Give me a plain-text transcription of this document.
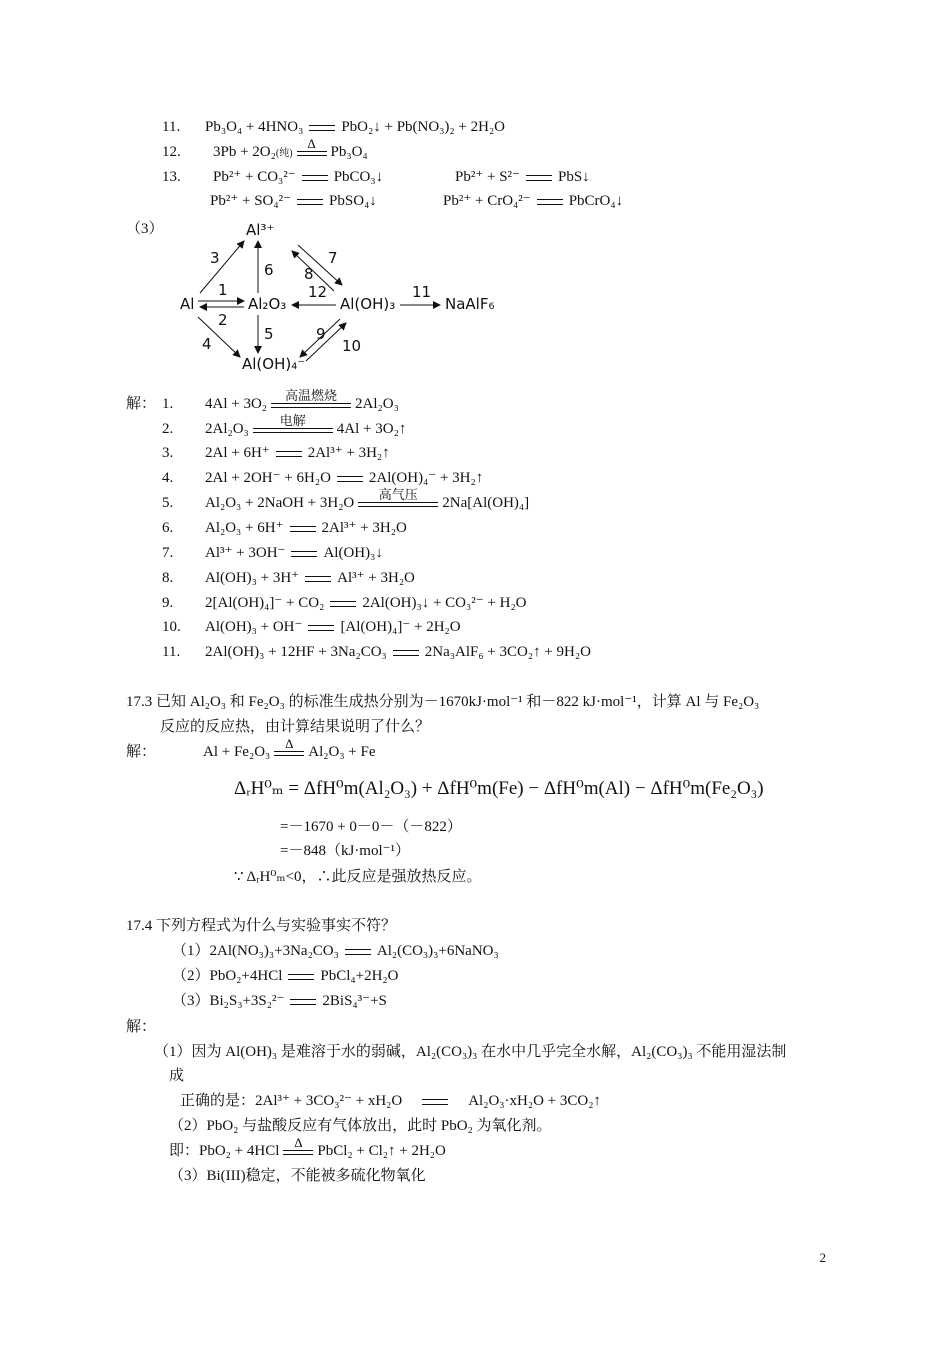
11. Pb₃O₄ + 4HNO₃	PbO₂↓ + Pb(NO₃)₂ + 2H₂O
12. 3Pb + 2O₂(纯)
Δ
Pb₃O₄
13. Pb²⁺ + CO₃²⁻	PbCO₃↓	Pb²⁺ + S²⁻	PbS↓
Pb²⁺ + SO₄²⁻	PbSO₄↓	Pb²⁺ + CrO₄²⁻	PbCrO₄↓
（3）	Al³⁺
Al	Al₂O₃	Al(OH)₃	NaAlF₆
Al(OH)₄⁻
3
6
7
8
1
2
12	11
4
5	9
10
解： 1. 4Al + 3O₂
高温燃烧
2Al₂O₃
2. 2Al₂O₃
电解
4Al + 3O₂↑
3. 2Al + 6H⁺	2Al³⁺ + 3H₂↑
4. 2Al + 2OH⁻ + 6H₂O	2Al(OH)₄⁻ + 3H₂↑
5. Al₂O₃ + 2NaOH + 3H₂O
高气压
2Na[Al(OH)₄]
6. Al₂O₃ + 6H⁺	2Al³⁺ + 3H₂O
7. Al³⁺ + 3OH⁻	Al(OH)₃↓
8. Al(OH)₃ + 3H⁺	Al³⁺ + 3H₂O
9. 2[Al(OH)₄]⁻ + CO₂	2Al(OH)₃↓ + CO₃²⁻ + H₂O
10. Al(OH)₃ + OH⁻	[Al(OH)₄]⁻ + 2H₂O
11. 2Al(OH)₃ + 12HF + 3Na₂CO₃	2Na₃AlF₆ + 3CO₂↑ + 9H₂O
17.3 已知 Al₂O₃ 和 Fe₂O₃ 的标准生成热分别为－1670kJ·mol⁻¹ 和－822 kJ·mol⁻¹，计算 Al 与 Fe₂O₃
反应的反应热，由计算结果说明了什么？
解：	Al + Fe₂O₃
Δ
Al₂O₃ + Fe
ΔᵣH⁰ₘ = ΔfH⁰m(Al₂O₃) + ΔfH⁰m(Fe) − ΔfH⁰m(Al) − ΔfH⁰m(Fe₂O₃)
=－1670 + 0－0－（－822）
=－848（kJ·mol⁻¹）
∵ ΔᵣH⁰ₘ<0，∴此反应是强放热反应。
17.4 下列方程式为什么与实验事实不符？
（1）2Al(NO₃)₃+3Na₂CO₃	Al₂(CO₃)₃+6NaNO₃
（2）PbO₂+4HCl	PbCl₄+2H₂O
（3）Bi₂S₃+3S₂²⁻	2BiS₄³⁻+S
解：
（1）因为 Al(OH)₃ 是难溶于水的弱碱，Al₂(CO₃)₃ 在水中几乎完全水解，Al₂(CO₃)₃ 不能用湿法制
成
正确的是：2Al³⁺ + 3CO₃²⁻ + xH₂O	Al₂O₃·xH₂O + 3CO₂↑
（2）PbO₂ 与盐酸反应有气体放出，此时 PbO₂ 为氧化剂。
即：PbO₂ + 4HCl
Δ
PbCl₂ + Cl₂↑ + 2H₂O
（3）Bi(III)稳定，不能被多硫化物氧化
2
